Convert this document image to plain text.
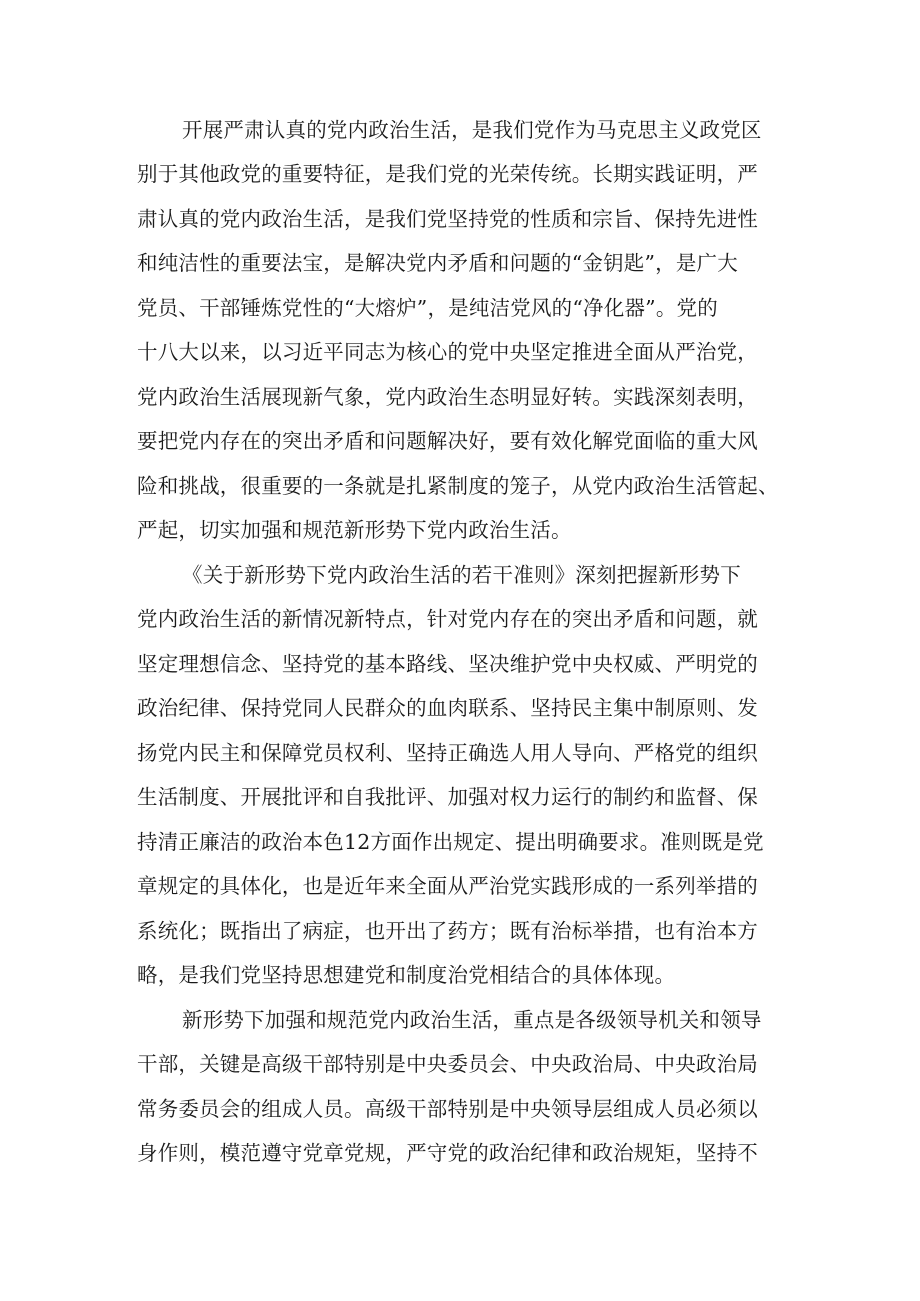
开展严肃认真的党内政治生活，是我们党作为马克思主义政党区
别于其他政党的重要特征，是我们党的光荣传统。长期实践证明，严
肃认真的党内政治生活，是我们党坚持党的性质和宗旨、保持先进性
和纯洁性的重要法宝，是解决党内矛盾和问题的“金钥匙”，是广大
党员、干部锤炼党性的“大熔炉”，是纯洁党风的“净化器”。党的
十八大以来，以习近平同志为核心的党中央坚定推进全面从严治党，
党内政治生活展现新气象，党内政治生态明显好转。实践深刻表明，
要把党内存在的突出矛盾和问题解决好，要有效化解党面临的重大风
险和挑战，很重要的一条就是扎紧制度的笼子，从党内政治生活管起、
严起，切实加强和规范新形势下党内政治生活。
《关于新形势下党内政治生活的若干准则》深刻把握新形势下
党内政治生活的新情况新特点，针对党内存在的突出矛盾和问题，就
坚定理想信念、坚持党的基本路线、坚决维护党中央权威、严明党的
政治纪律、保持党同人民群众的血肉联系、坚持民主集中制原则、发
扬党内民主和保障党员权利、坚持正确选人用人导向、严格党的组织
生活制度、开展批评和自我批评、加强对权力运行的制约和监督、保
持清正廉洁的政治本色12方面作出规定、提出明确要求。准则既是党
章规定的具体化，也是近年来全面从严治党实践形成的一系列举措的
系统化；既指出了病症，也开出了药方；既有治标举措，也有治本方
略，是我们党坚持思想建党和制度治党相结合的具体体现。
新形势下加强和规范党内政治生活，重点是各级领导机关和领导
干部，关键是高级干部特别是中央委员会、中央政治局、中央政治局
常务委员会的组成人员。高级干部特别是中央领导层组成人员必须以
身作则，模范遵守党章党规，严守党的政治纪律和政治规矩，坚持不
